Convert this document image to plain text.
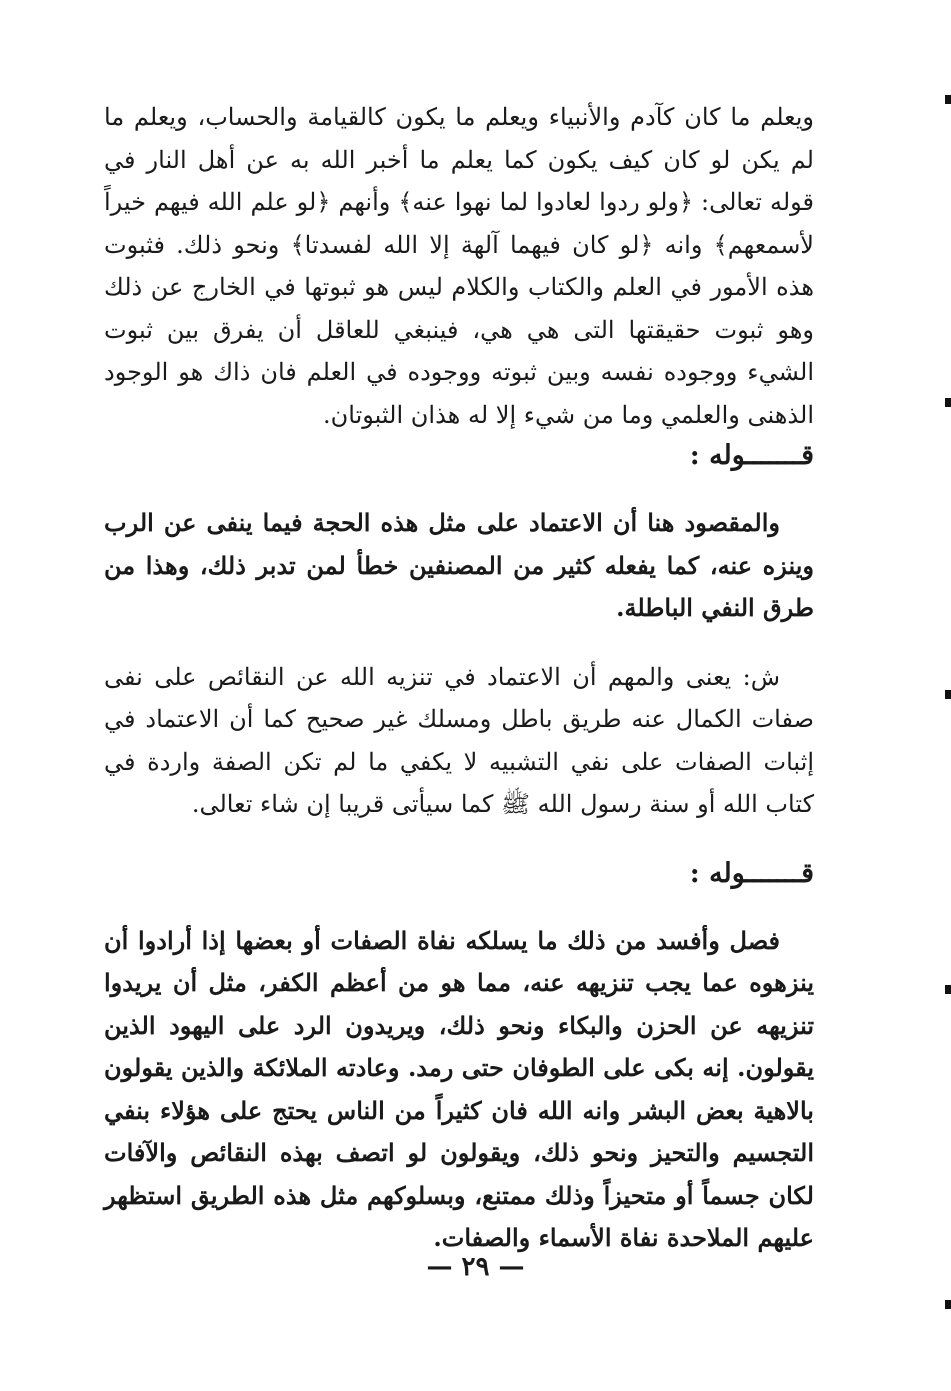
ويعلم ما كان كآدم والأنبياء ويعلم ما يكون كالقيامة والحساب، ويعلم ما لم يكن لو كان كيف يكون كما يعلم ما أخبر الله به عن أهل النار في قوله تعالى: ﴿ولو ردوا لعادوا لما نهوا عنه﴾ وأنهم ﴿لو علم الله فيهم خيراً لأسمعهم﴾ وانه ﴿لو كان فيهما آلهة إلا الله لفسدتا﴾ ونحو ذلك. فثبوت هذه الأمور في العلم والكتاب والكلام ليس هو ثبوتها في الخارج عن ذلك وهو ثبوت حقيقتها التى هي هي، فينبغي للعاقل أن يفرق بين ثبوت الشيء ووجوده نفسه وبين ثبوته ووجوده في العلم فان ذاك هو الوجود الذهنى والعلمي وما من شيء إلا له هذان الثبوتان.

قـــــــوله :

والمقصود هنا أن الاعتماد على مثل هذه الحجة فيما ينفى عن الرب وينزه عنه، كما يفعله كثير من المصنفين خطأ لمن تدبر ذلك، وهذا من طرق النفي الباطلة.

ش: يعنى والمهم أن الاعتماد في تنزيه الله عن النقائص على نفى صفات الكمال عنه طريق باطل ومسلك غير صحيح كما أن الاعتماد في إثبات الصفات على نفي التشبيه لا يكفي ما لم تكن الصفة واردة في كتاب الله أو سنة رسول الله ﷺ كما سيأتى قريبا إن شاء تعالى.

قـــــــوله :

فصل وأفسد من ذلك ما يسلكه نفاة الصفات أو بعضها إذا أرادوا أن ينزهوه عما يجب تنزيهه عنه، مما هو من أعظم الكفر، مثل أن يريدوا تنزيهه عن الحزن والبكاء ونحو ذلك، ويريدون الرد على اليهود الذين يقولون. إنه بكى على الطوفان حتى رمد. وعادته الملائكة والذين يقولون بالاهية بعض البشر وانه الله فان كثيراً من الناس يحتج على هؤلاء بنفي التجسيم والتحيز ونحو ذلك، ويقولون لو اتصف بهذه النقائص والآفات لكان جسماً أو متحيزاً وذلك ممتنع، وبسلوكهم مثل هذه الطريق استظهر عليهم الملاحدة نفاة الأسماء والصفات.

— ٢٩ —
